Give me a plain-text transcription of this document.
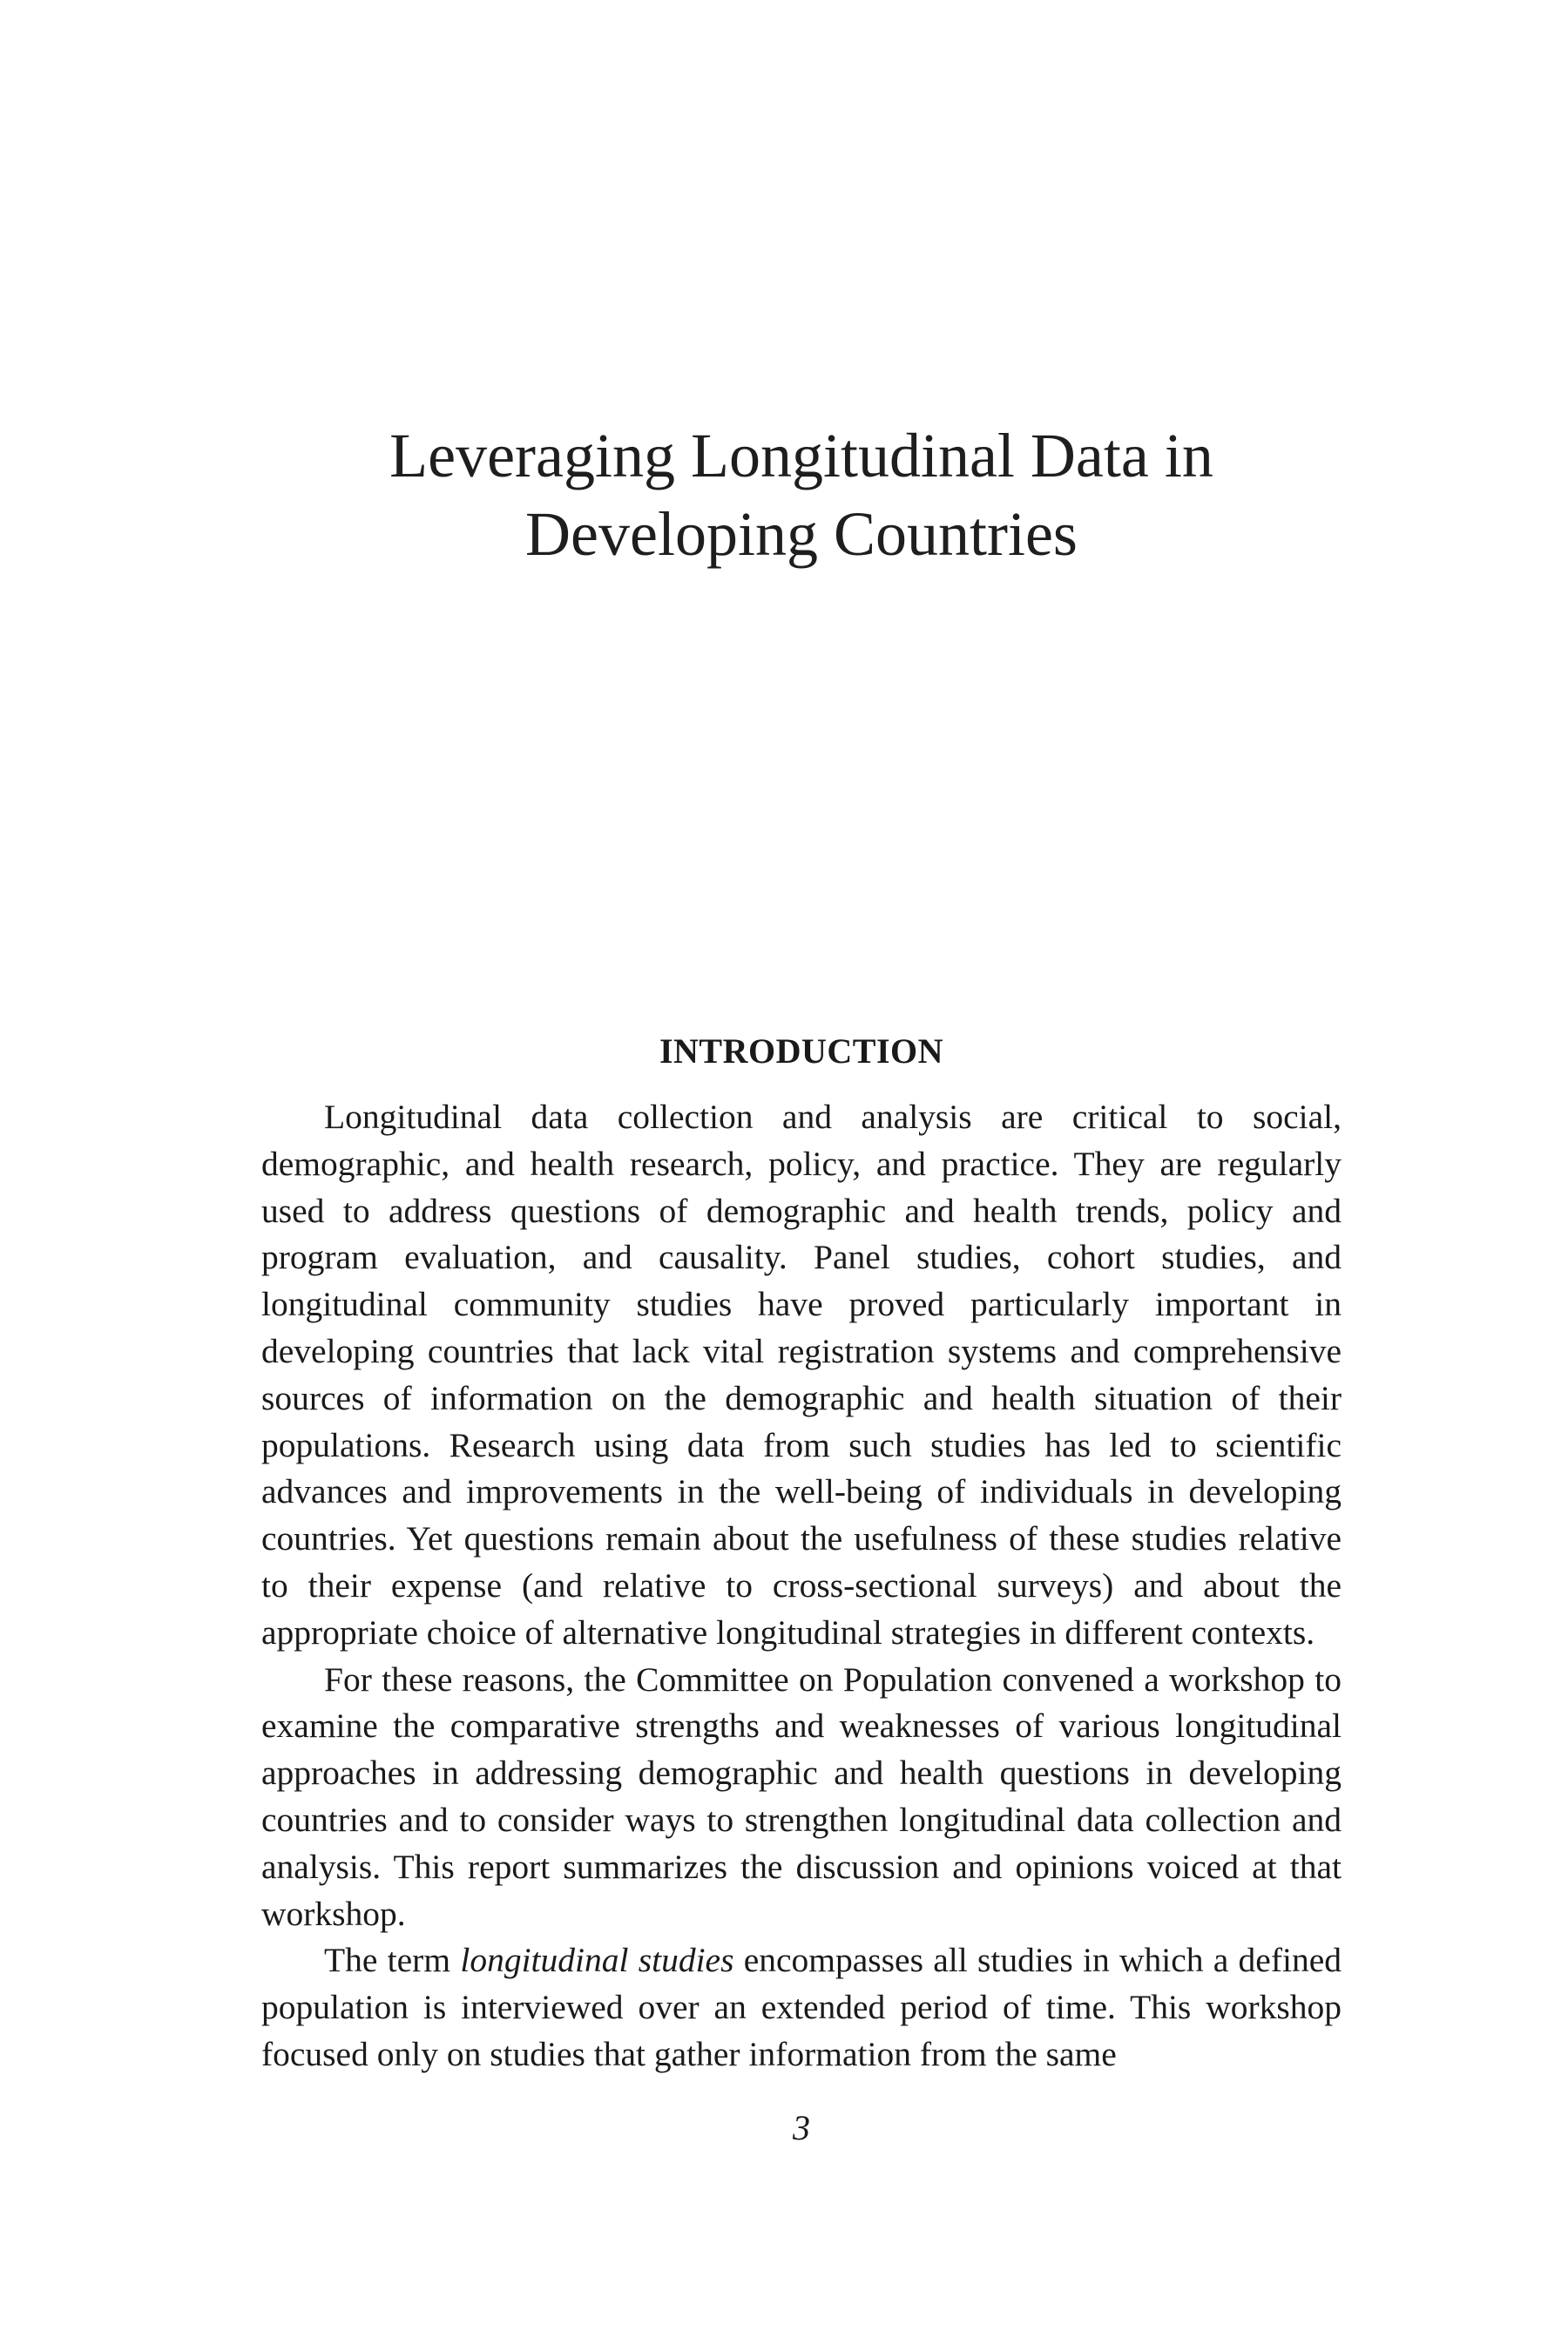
Leveraging Longitudinal Data in
Developing Countries
INTRODUCTION

Longitudinal data collection and analysis are critical to social, demographic, and health research, policy, and practice. They are regularly used to address questions of demographic and health trends, policy and program evaluation, and causality. Panel studies, cohort studies, and longitudinal community studies have proved particularly important in developing countries that lack vital registration systems and comprehensive sources of information on the demographic and health situation of their populations. Research using data from such studies has led to scientific advances and improvements in the well-being of individuals in developing countries. Yet questions remain about the usefulness of these studies relative to their expense (and relative to cross-sectional surveys) and about the appropriate choice of alternative longitudinal strategies in different contexts.

For these reasons, the Committee on Population convened a workshop to examine the comparative strengths and weaknesses of various longitudinal approaches in addressing demographic and health questions in developing countries and to consider ways to strengthen longitudinal data collection and analysis. This report summarizes the discussion and opinions voiced at that workshop.

The term longitudinal studies encompasses all studies in which a defined population is interviewed over an extended period of time. This workshop focused only on studies that gather information from the same

3
